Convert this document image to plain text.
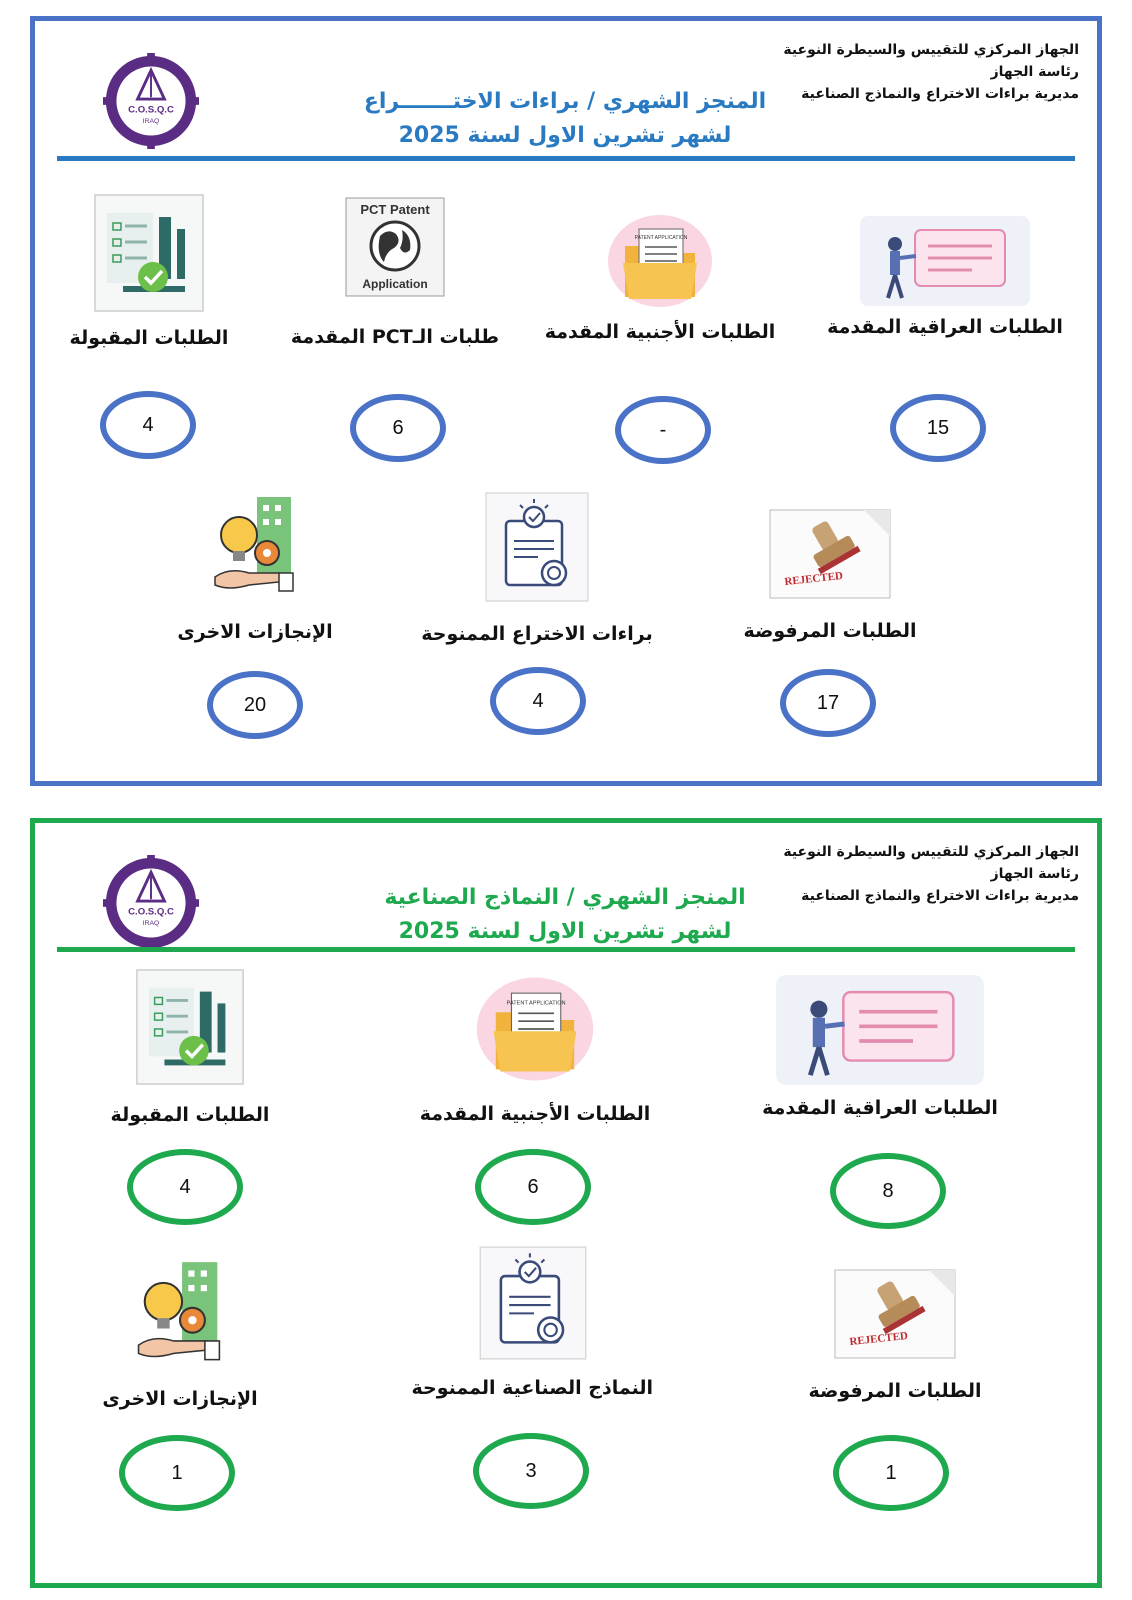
الجهاز المركزي للتقييس والسيطرة النوعية
رئاسة الجهاز
مديرية براءات الاختراع والنماذج الصناعية
C.O.S.Q.C
IRAQ
المنجز الشهري / براءات الاختـــــــراع
لشهر تشرين الاول لسنة 2025
الطلبات العراقية المقدمة
15
PATENT APPLICATION
الطلبات الأجنبية المقدمة
-
PCT Patent
Application
طلبات الـPCT المقدمة
6
الطلبات المقبولة
4
REJECTED
الطلبات المرفوضة
17
براءات الاختراع الممنوحة
4
الإنجازات الاخرى
20
الجهاز المركزي للتقييس والسيطرة النوعية
رئاسة الجهاز
مديرية براءات الاختراع والنماذج الصناعية
C.O.S.Q.C
IRAQ
المنجز الشهري / النماذج الصناعية
لشهر تشرين الاول لسنة 2025
الطلبات العراقية المقدمة
8
PATENT APPLICATION
الطلبات الأجنبية المقدمة
6
الطلبات المقبولة
4
REJECTED
الطلبات المرفوضة
1
النماذج الصناعية الممنوحة
3
الإنجازات الاخرى
1
